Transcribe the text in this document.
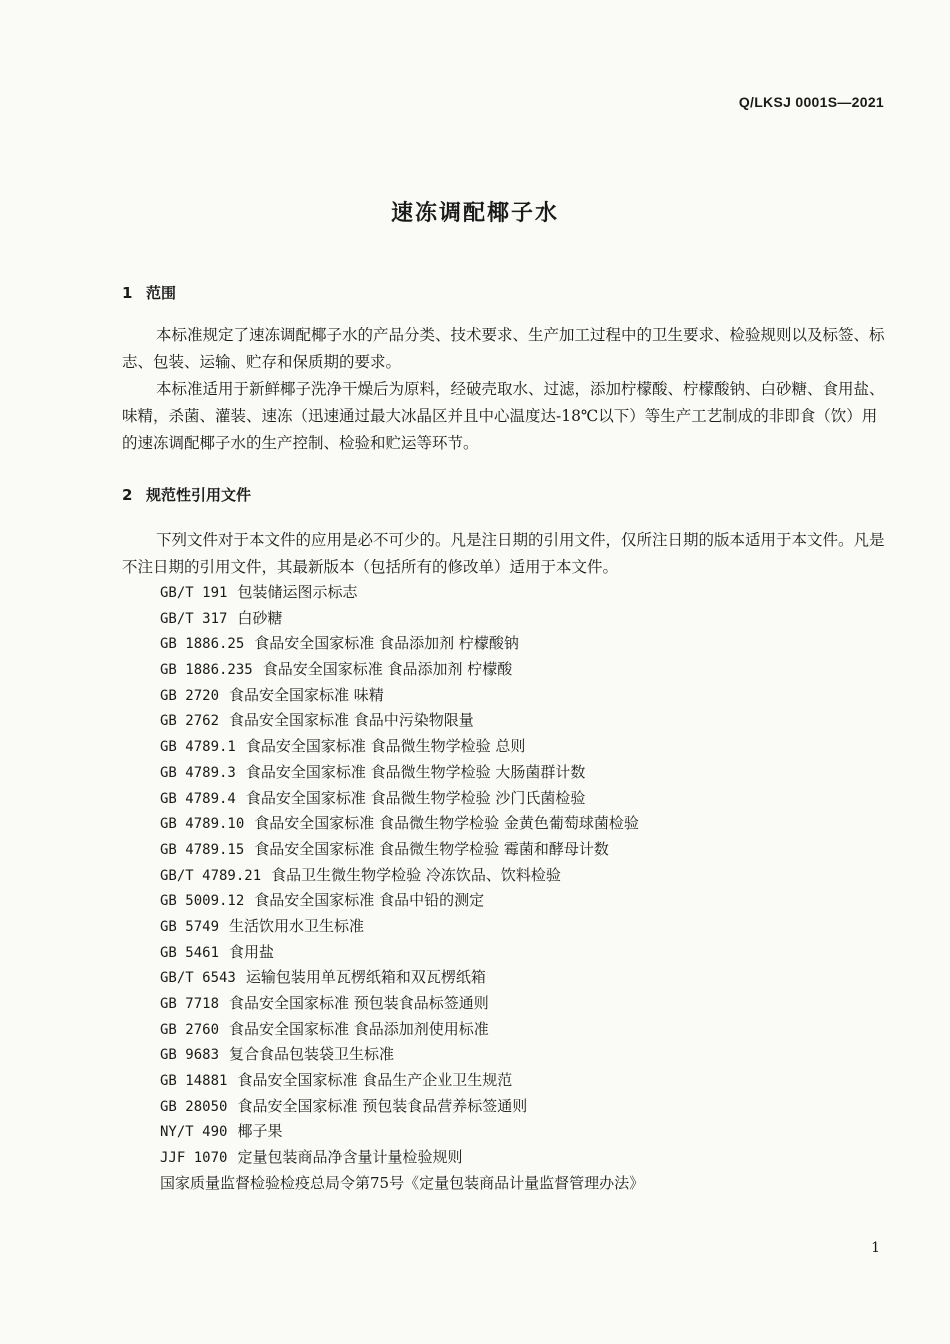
Q/LKSJ 0001S—2021
速冻调配椰子水
1 范围

本标准规定了速冻调配椰子水的产品分类、技术要求、生产加工过程中的卫生要求、检验规则以及标签、标志、包装、运输、贮存和保质期的要求。

本标准适用于新鲜椰子洗净干燥后为原料，经破壳取水、过滤，添加柠檬酸、柠檬酸钠、白砂糖、食用盐、味精，杀菌、灌装、速冻（迅速通过最大冰晶区并且中心温度达-18℃以下）等生产工艺制成的非即食（饮）用的速冻调配椰子水的生产控制、检验和贮运等环节。

2 规范性引用文件

下列文件对于本文件的应用是必不可少的。凡是注日期的引用文件，仅所注日期的版本适用于本文件。凡是不注日期的引用文件，其最新版本（包括所有的修改单）适用于本文件。

GB/T 191 包装储运图示标志
GB/T 317 白砂糖
GB 1886.25 食品安全国家标准 食品添加剂 柠檬酸钠
GB 1886.235 食品安全国家标准 食品添加剂 柠檬酸
GB 2720 食品安全国家标准 味精
GB 2762 食品安全国家标准 食品中污染物限量
GB 4789.1 食品安全国家标准 食品微生物学检验 总则
GB 4789.3 食品安全国家标准 食品微生物学检验 大肠菌群计数
GB 4789.4 食品安全国家标准 食品微生物学检验 沙门氏菌检验
GB 4789.10 食品安全国家标准 食品微生物学检验 金黄色葡萄球菌检验
GB 4789.15 食品安全国家标准 食品微生物学检验 霉菌和酵母计数
GB/T 4789.21 食品卫生微生物学检验 冷冻饮品、饮料检验
GB 5009.12 食品安全国家标准 食品中铅的测定
GB 5749 生活饮用水卫生标准
GB 5461 食用盐
GB/T 6543 运输包装用单瓦楞纸箱和双瓦楞纸箱
GB 7718 食品安全国家标准 预包装食品标签通则
GB 2760 食品安全国家标准 食品添加剂使用标准
GB 9683 复合食品包装袋卫生标准
GB 14881 食品安全国家标准 食品生产企业卫生规范
GB 28050 食品安全国家标准 预包装食品营养标签通则
NY/T 490 椰子果
JJF 1070 定量包装商品净含量计量检验规则
国家质量监督检验检疫总局令第75号《定量包装商品计量监督管理办法》
1
